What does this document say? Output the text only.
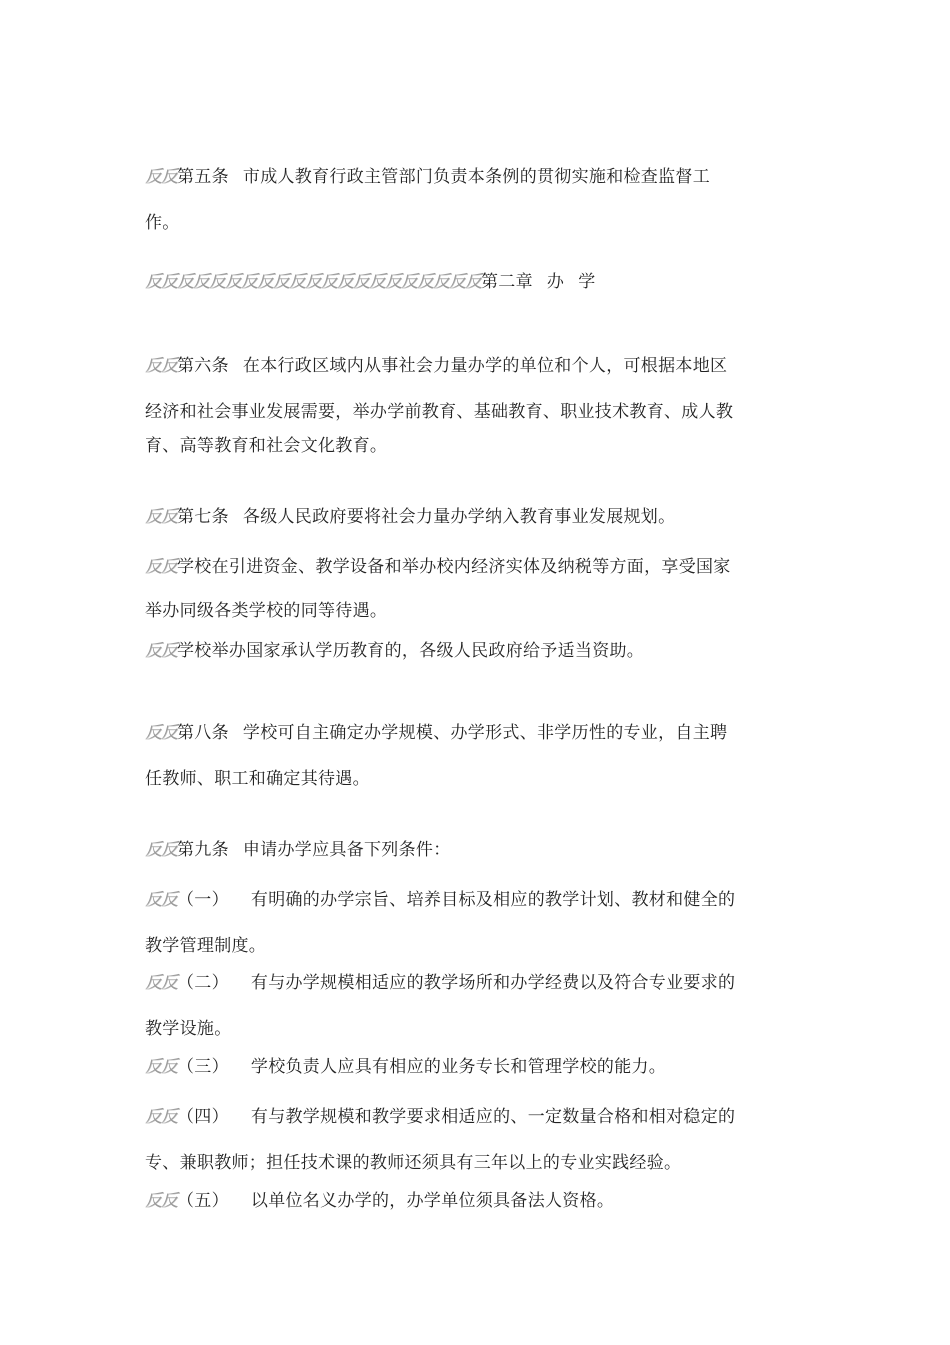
反反第五条 市成人教育行政主管部门负责本条例的贯彻实施和检查监督工
作。
反反反反反反反反反反反反反反反反反反反反反第二章 办 学
反反第六条 在本行政区域内从事社会力量办学的单位和个人，可根据本地区
经济和社会事业发展需要，举办学前教育、基础教育、职业技术教育、成人教
育、高等教育和社会文化教育。
反反第七条 各级人民政府要将社会力量办学纳入教育事业发展规划。
反反学校在引进资金、教学设备和举办校内经济实体及纳税等方面，享受国家
举办同级各类学校的同等待遇。
反反学校举办国家承认学历教育的，各级人民政府给予适当资助。
反反第八条 学校可自主确定办学规模、办学形式、非学历性的专业，自主聘
任教师、职工和确定其待遇。
反反第九条 申请办学应具备下列条件：
反反（一） 有明确的办学宗旨、培养目标及相应的教学计划、教材和健全的
教学管理制度。
反反（二） 有与办学规模相适应的教学场所和办学经费以及符合专业要求的
教学设施。
反反（三） 学校负责人应具有相应的业务专长和管理学校的能力。
反反（四） 有与教学规模和教学要求相适应的、一定数量合格和相对稳定的
专、兼职教师；担任技术课的教师还须具有三年以上的专业实践经验。
反反（五） 以单位名义办学的，办学单位须具备法人资格。
